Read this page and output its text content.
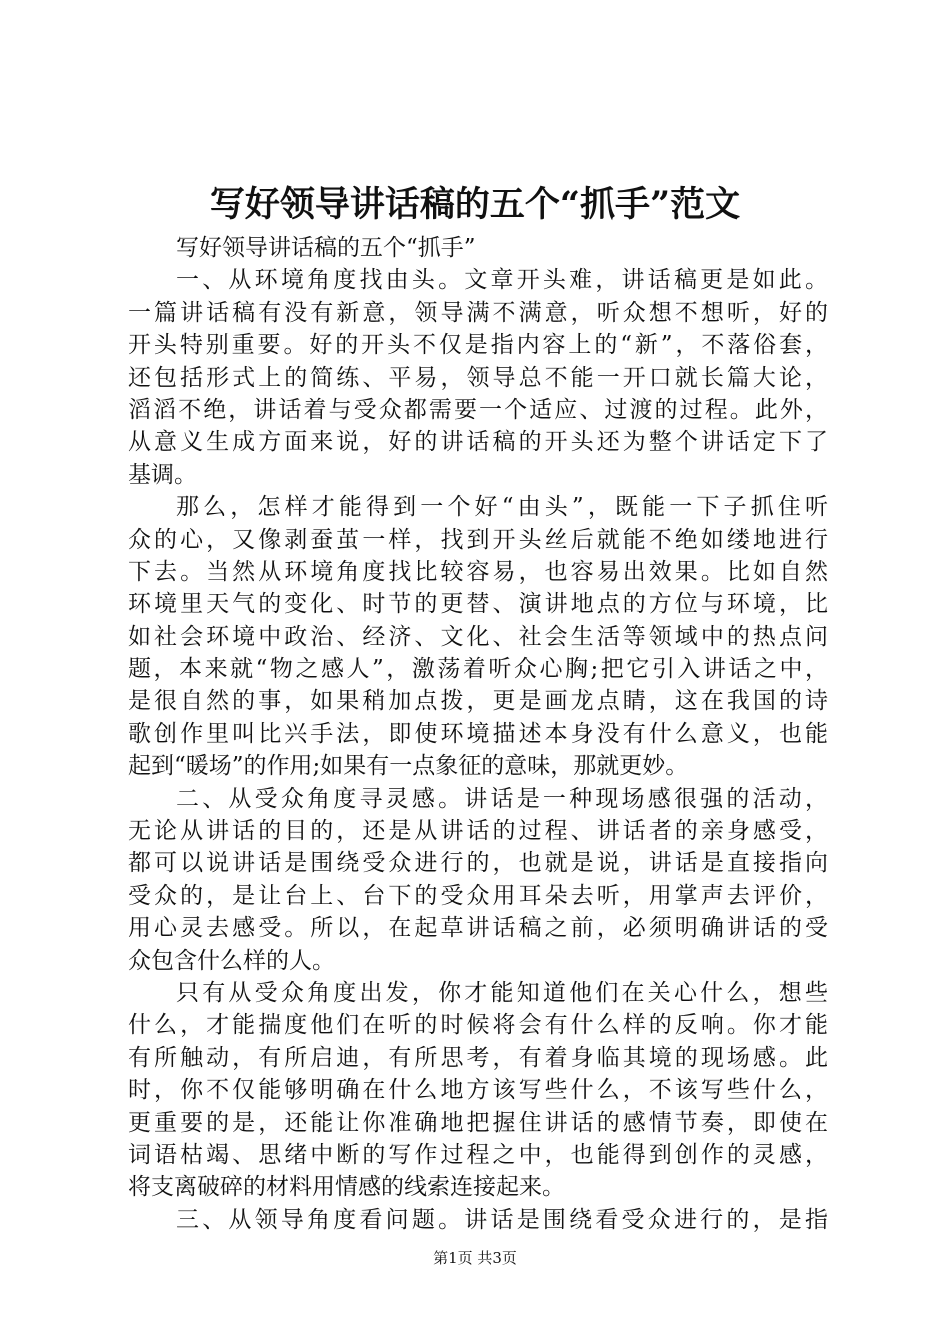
写好领导讲话稿的五个“抓手”范文
写好领导讲话稿的五个“抓手”
一、从环境角度找由头。文章开头难，讲话稿更是如此。
一篇讲话稿有没有新意，领导满不满意，听众想不想听，好的
开头特别重要。好的开头不仅是指内容上的“新”，不落俗套，
还包括形式上的简练、平易，领导总不能一开口就长篇大论，
滔滔不绝，讲话着与受众都需要一个适应、过渡的过程。此外，
从意义生成方面来说，好的讲话稿的开头还为整个讲话定下了
基调。
那么，怎样才能得到一个好“由头”，既能一下子抓住听
众的心，又像剥蚕茧一样，找到开头丝后就能不绝如缕地进行
下去。当然从环境角度找比较容易，也容易出效果。比如自然
环境里天气的变化、时节的更替、演讲地点的方位与环境，比
如社会环境中政治、经济、文化、社会生活等领域中的热点问
题，本来就“物之感人”，激荡着听众心胸;把它引入讲话之中，
是很自然的事，如果稍加点拨，更是画龙点睛，这在我国的诗
歌创作里叫比兴手法，即使环境描述本身没有什么意义，也能
起到“暖场”的作用;如果有一点象征的意味，那就更妙。
二、从受众角度寻灵感。讲话是一种现场感很强的活动，
无论从讲话的目的，还是从讲话的过程、讲话者的亲身感受，
都可以说讲话是围绕受众进行的，也就是说，讲话是直接指向
受众的，是让台上、台下的受众用耳朵去听，用掌声去评价，
用心灵去感受。所以，在起草讲话稿之前，必须明确讲话的受
众包含什么样的人。
只有从受众角度出发，你才能知道他们在关心什么，想些
什么，才能揣度他们在听的时候将会有什么样的反响。你才能
有所触动，有所启迪，有所思考，有着身临其境的现场感。此
时，你不仅能够明确在什么地方该写些什么，不该写些什么，
更重要的是，还能让你准确地把握住讲话的感情节奏，即使在
词语枯竭、思绪中断的写作过程之中，也能得到创作的灵感，
将支离破碎的材料用情感的线索连接起来。
三、从领导角度看问题。讲话是围绕看受众进行的，是指
第1页 共3页
